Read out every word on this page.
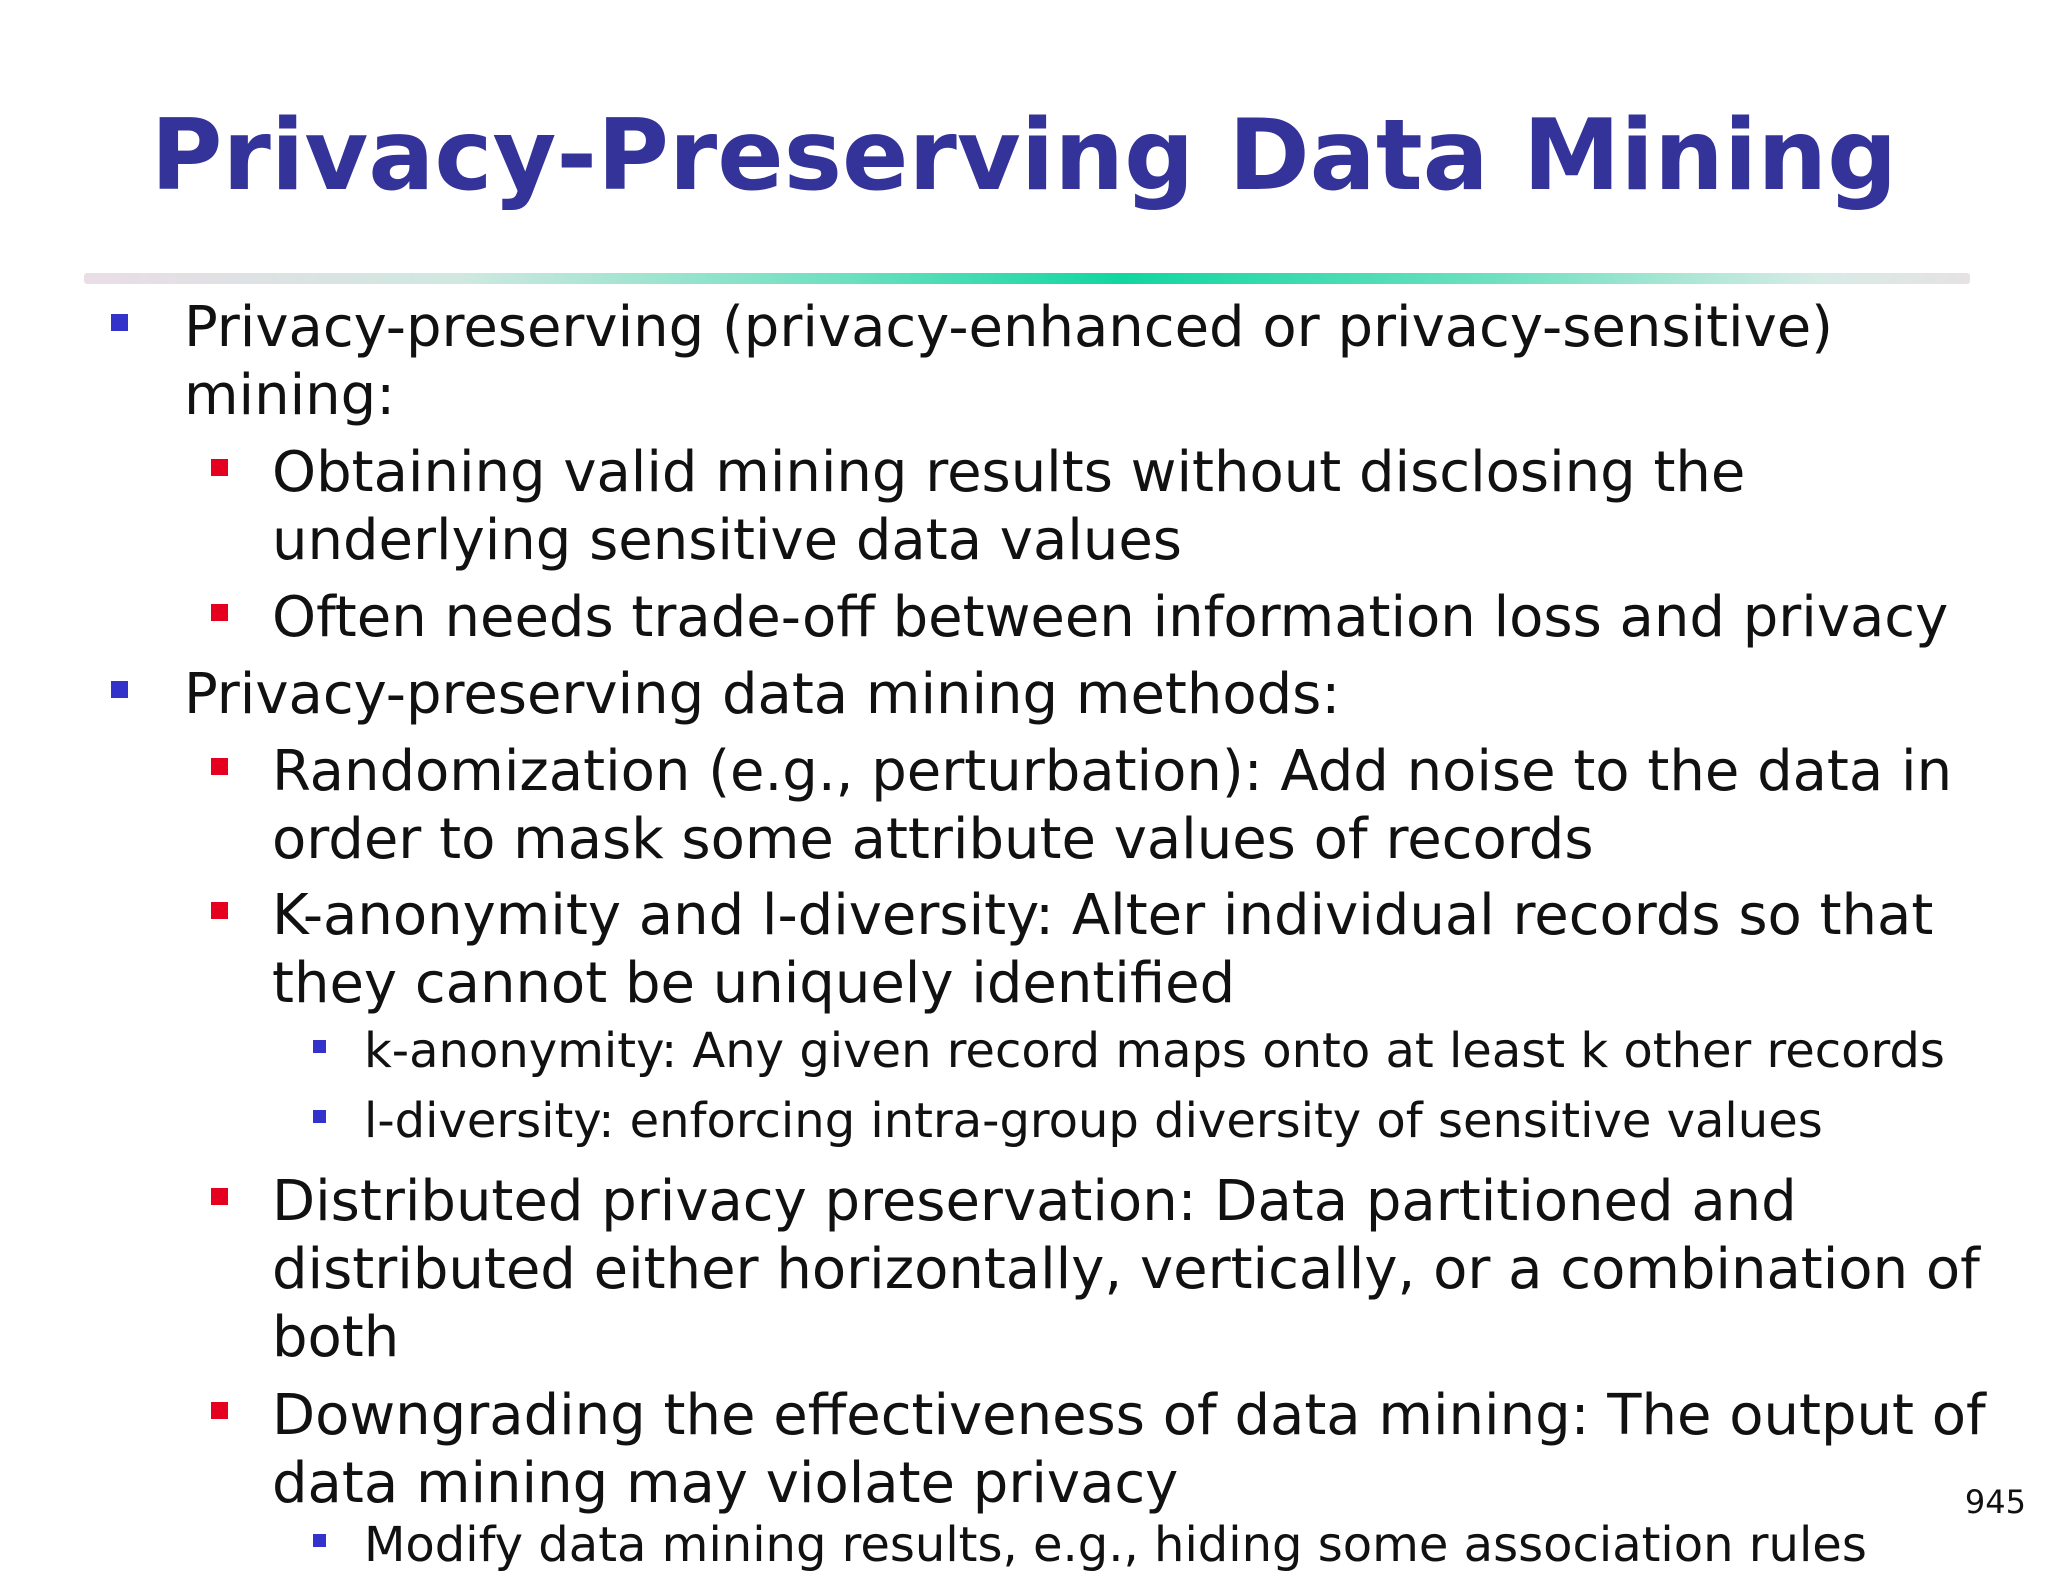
Privacy-Preserving Data Mining
Privacy-preserving (privacy-enhanced or privacy-sensitive)
mining:
Obtaining valid mining results without disclosing the
underlying sensitive data values
Often needs trade-off between information loss and privacy
Privacy-preserving data mining methods:
Randomization (e.g., perturbation): Add noise to the data in
order to mask some attribute values of records
K-anonymity and l-diversity: Alter individual records so that
they cannot be uniquely identified
k-anonymity: Any given record maps onto at least k other records
l-diversity: enforcing intra-group diversity of sensitive values
Distributed privacy preservation: Data partitioned and
distributed either horizontally, vertically, or a combination of
both
Downgrading the effectiveness of data mining: The output of
data mining may violate privacy
Modify data mining results, e.g., hiding some association rules
945
